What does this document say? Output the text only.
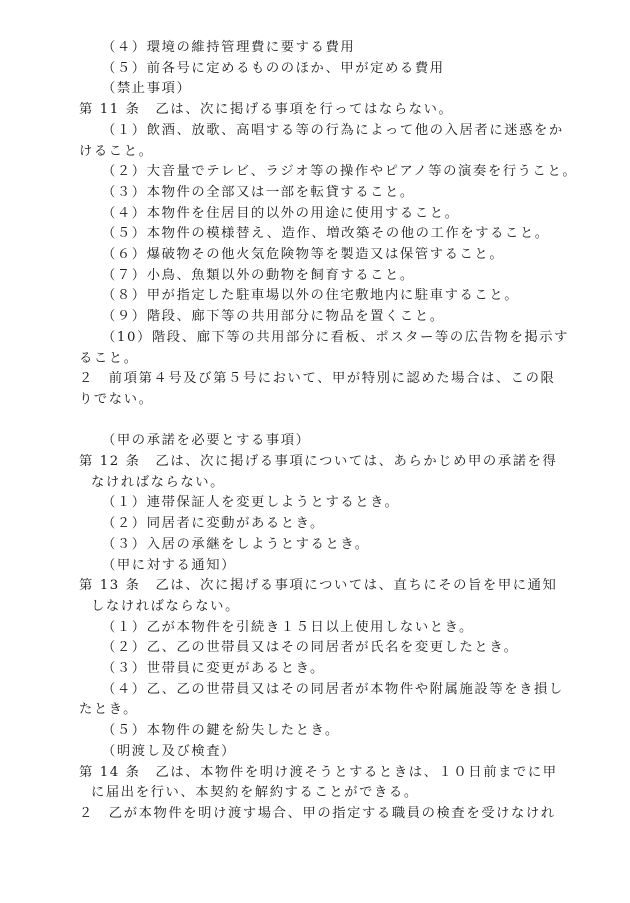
（４）環境の維持管理費に要する費用
（５）前各号に定めるもののほか、甲が定める費用
（禁止事項）
第 11 条　乙は、次に掲げる事項を行ってはならない。
（１）飲酒、放歌、高唱する等の行為によって他の入居者に迷惑をか
けること。
（２）大音量でテレビ、ラジオ等の操作やピアノ等の演奏を行うこと。
（３）本物件の全部又は一部を転貸すること。
（４）本物件を住居目的以外の用途に使用すること。
（５）本物件の模様替え、造作、増改築その他の工作をすること。
（６）爆破物その他火気危険物等を製造又は保管すること。
（７）小鳥、魚類以外の動物を飼育すること。
（８）甲が指定した駐車場以外の住宅敷地内に駐車すること。
（９）階段、廊下等の共用部分に物品を置くこと。
（10）階段、廊下等の共用部分に看板、ポスター等の広告物を掲示す
ること。
２　前項第４号及び第５号において、甲が特別に認めた場合は、この限
りでない。
（甲の承諾を必要とする事項）
第 12 条　乙は、次に掲げる事項については、あらかじめ甲の承諾を得
なければならない。
（１）連帯保証人を変更しようとするとき。
（２）同居者に変動があるとき。
（３）入居の承継をしようとするとき。
（甲に対する通知）
第 13 条　乙は、次に掲げる事項については、直ちにその旨を甲に通知
しなければならない。
（１）乙が本物件を引続き１５日以上使用しないとき。
（２）乙、乙の世帯員又はその同居者が氏名を変更したとき。
（３）世帯員に変更があるとき。
（４）乙、乙の世帯員又はその同居者が本物件や附属施設等をき損し
たとき。
（５）本物件の鍵を紛失したとき。
（明渡し及び検査）
第 14 条　乙は、本物件を明け渡そうとするときは、１０日前までに甲
に届出を行い、本契約を解約することができる。
２　乙が本物件を明け渡す場合、甲の指定する職員の検査を受けなけれ
